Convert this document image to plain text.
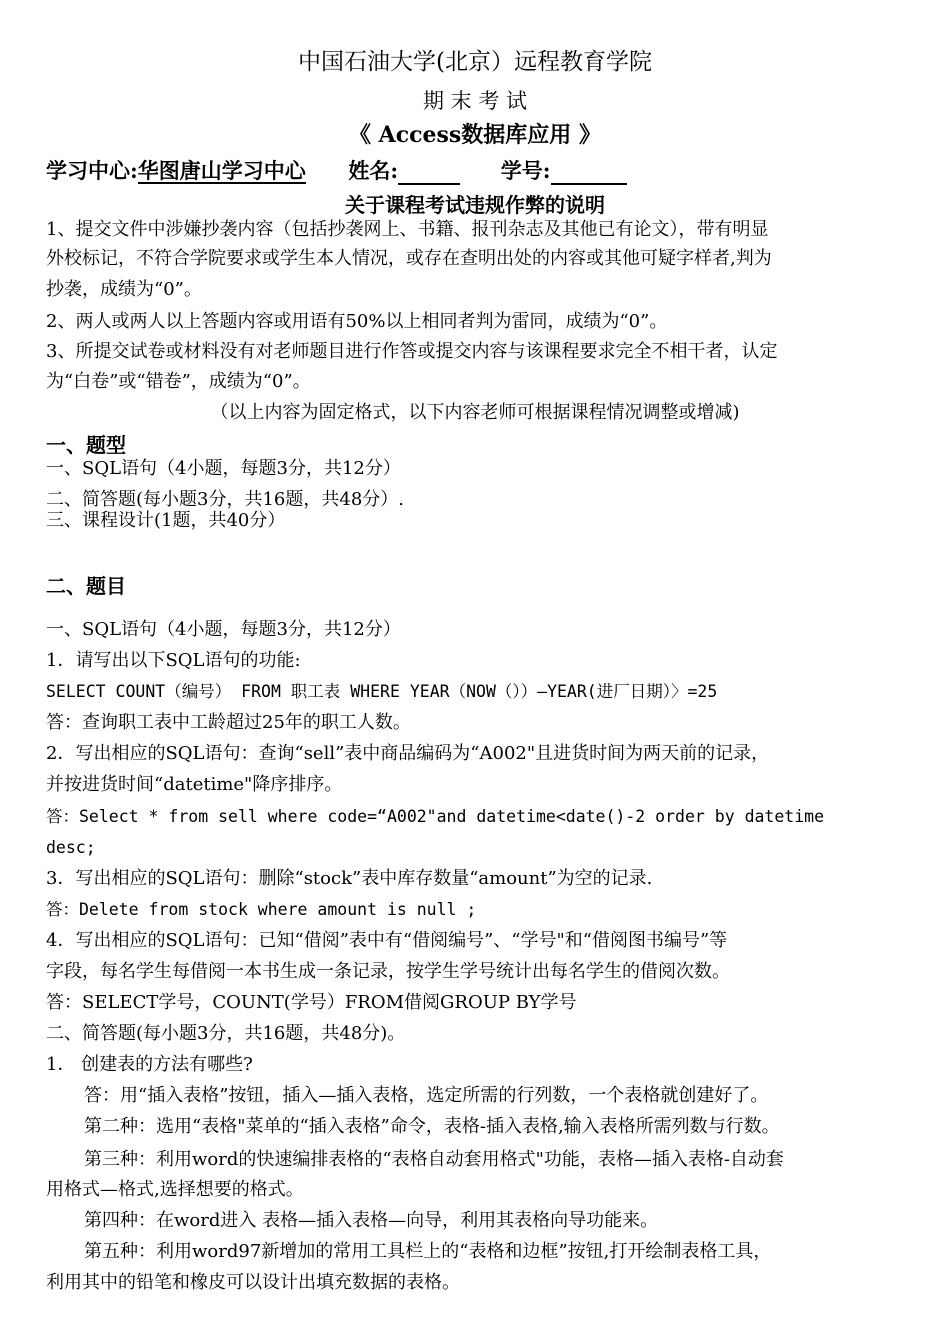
中国石油大学(北京）远程教育学院
期 末 考 试
《 Access数据库应用 》
学习中心:华图唐山学习中心 姓名:	学号:
关于课程考试违规作弊的说明
1、提交文件中涉嫌抄袭内容（包括抄袭网上、书籍、报刊杂志及其他已有论文），带有明显
外校标记，不符合学院要求或学生本人情况，或存在查明出处的内容或其他可疑字样者,判为
抄袭，成绩为“0”。
2、两人或两人以上答题内容或用语有50%以上相同者判为雷同，成绩为“0”。
3、所提交试卷或材料没有对老师题目进行作答或提交内容与该课程要求完全不相干者，认定
为“白卷”或“错卷”，成绩为“0”。
（以上内容为固定格式，以下内容老师可根据课程情况调整或增减)
一、题型
一、SQL语句（4小题，每题3分，共12分）
二、简答题(每小题3分，共16题，共48分）.
三、课程设计(1题，共40分）
二、题目
一、SQL语句（4小题，每题3分，共12分）
1．请写出以下SQL语句的功能:
SELECT COUNT（编号） FROM 职工表 WHERE YEAR（NOW（））—YEAR(进厂日期）〉=25
答：查询职工表中工龄超过25年的职工人数。
2．写出相应的SQL语句：查询“sell”表中商品编码为“A002"且进货时间为两天前的记录，
并按进货时间“datetime"降序排序。
答：Select * from sell where code=“A002"and datetime<date()-2 order by datetime
desc;
3．写出相应的SQL语句：删除“stock”表中库存数量“amount”为空的记录.
答：Delete from stock where amount is null ;
4．写出相应的SQL语句：已知“借阅”表中有“借阅编号”、“学号"和“借阅图书编号”等
字段，每名学生每借阅一本书生成一条记录，按学生学号统计出每名学生的借阅次数。
答：SELECT学号，COUNT(学号）FROM借阅GROUP BY学号
二、简答题(每小题3分，共16题，共48分)。
1． 创建表的方法有哪些?
答：用“插入表格”按钮，插入—插入表格，选定所需的行列数，一个表格就创建好了。
第二种：选用“表格"菜单的“插入表格”命令，表格-插入表格,输入表格所需列数与行数。
第三种：利用word的快速编排表格的“表格自动套用格式"功能，表格—插入表格-自动套
用格式—格式,选择想要的格式。
第四种：在word进入 表格—插入表格—向导，利用其表格向导功能来。
第五种：利用word97新增加的常用工具栏上的“表格和边框”按钮,打开绘制表格工具，
利用其中的铅笔和橡皮可以设计出填充数据的表格。
